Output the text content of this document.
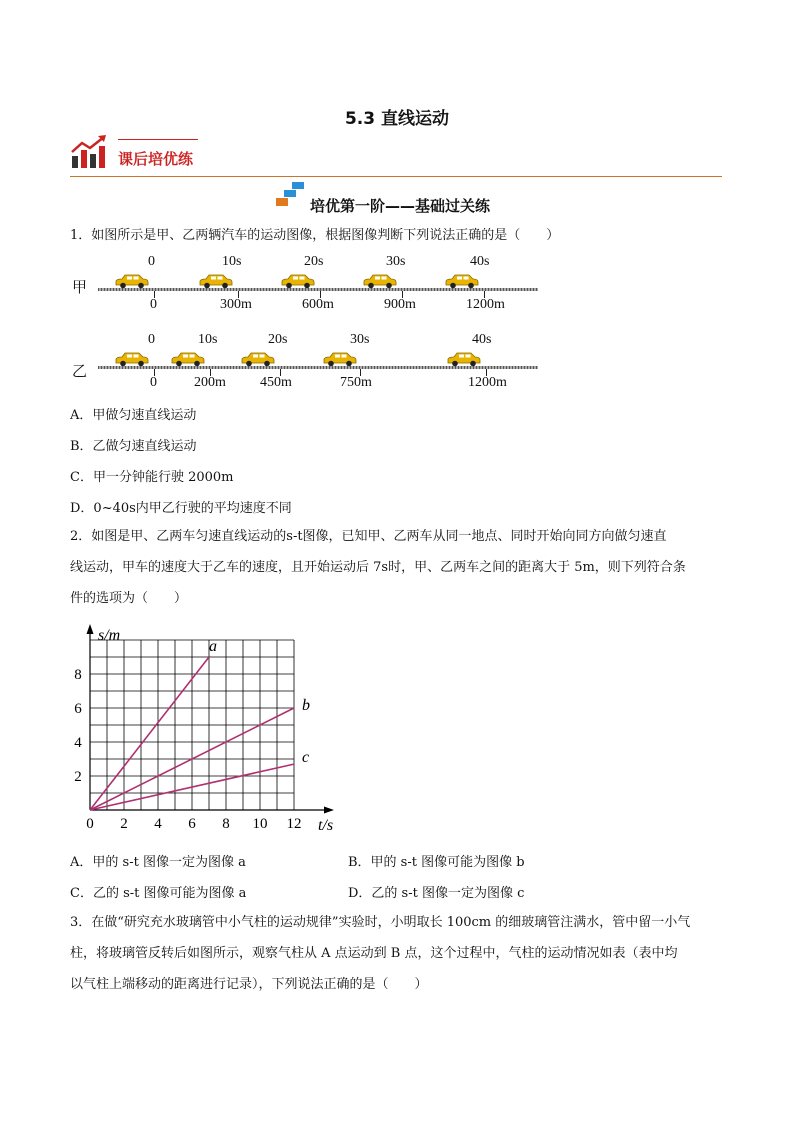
5.3 直线运动
课后培优练
培优第一阶——基础过关练
1．如图所示是甲、乙两辆汽车的运动图像，根据图像判断下列说法正确的是（　　）
甲
0
0
10s
300m
20s
600m
30s
900m
40s
1200m
乙
0
0
10s
200m
20s
450m
30s
750m
40s
1200m
A．甲做匀速直线运动
B．乙做匀速直线运动
C．甲一分钟能行驶 2000m
D．0~40s内甲乙行驶的平均速度不同
2．如图是甲、乙两车匀速直线运动的s-t图像，已知甲、乙两车从同一地点、同时开始向同方向做匀速直
线运动，甲车的速度大于乙车的速度，且开始运动后 7s时，甲、乙两车之间的距离大于 5m，则下列符合条
件的选项为（　　）
0 2 4 6 8 10 12
2
4
6
8
s/m
t/s
a
b
c
A．甲的 s-t 图像一定为图像 a	B．甲的 s-t 图像可能为图像 b
C．乙的 s-t 图像可能为图像 a	D．乙的 s-t 图像一定为图像 c
3．在做“研究充水玻璃管中小气柱的运动规律”实验时，小明取长 100cm 的细玻璃管注满水，管中留一小气
柱，将玻璃管反转后如图所示，观察气柱从 A 点运动到 B 点，这个过程中，气柱的运动情况如表（表中均
以气柱上端移动的距离进行记录），下列说法正确的是（　　）
